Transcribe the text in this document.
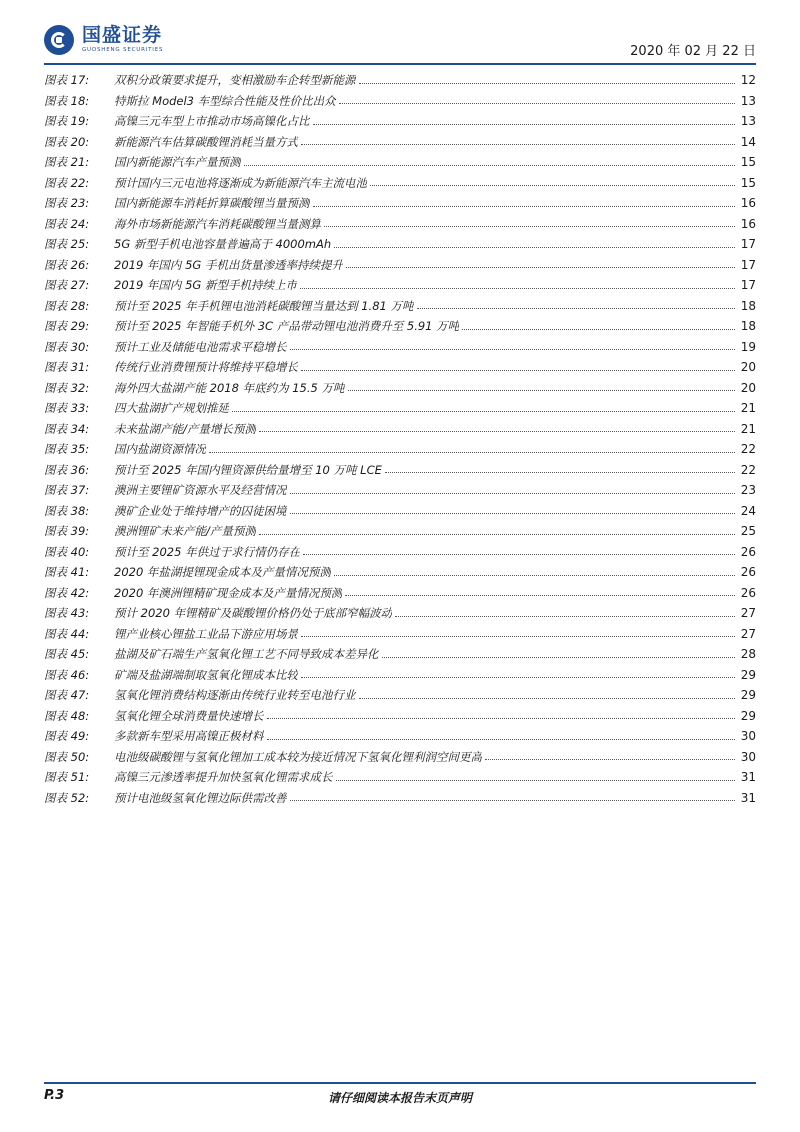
国盛证券
GUOSHENG SECURITIES	2020 年 02 月 22 日
图表 17:	双积分政策要求提升，变相激励车企转型新能源	12
图表 18:	特斯拉 Model3 车型综合性能及性价比出众	13
图表 19:	高镍三元车型上市推动市场高镍化占比	13
图表 20:	新能源汽车估算碳酸锂消耗当量方式	14
图表 21:	国内新能源汽车产量预测	15
图表 22:	预计国内三元电池将逐渐成为新能源汽车主流电池	15
图表 23:	国内新能源车消耗折算碳酸锂当量预测	16
图表 24:	海外市场新能源汽车消耗碳酸锂当量测算	16
图表 25:	5G 新型手机电池容量普遍高于 4000mAh	17
图表 26:	2019 年国内 5G 手机出货量渗透率持续提升	17
图表 27:	2019 年国内 5G 新型手机持续上市	17
图表 28:	预计至 2025 年手机锂电池消耗碳酸锂当量达到 1.81 万吨	18
图表 29:	预计至 2025 年智能手机外 3C 产品带动锂电池消费升至 5.91 万吨	18
图表 30:	预计工业及储能电池需求平稳增长	19
图表 31:	传统行业消费锂预计将维持平稳增长	20
图表 32:	海外四大盐湖产能 2018 年底约为 15.5 万吨	20
图表 33:	四大盐湖扩产规划推延	21
图表 34:	未来盐湖产能/产量增长预测	21
图表 35:	国内盐湖资源情况	22
图表 36:	预计至 2025 年国内锂资源供给量增至 10 万吨 LCE	22
图表 37:	澳洲主要锂矿资源水平及经营情况	23
图表 38:	澳矿企业处于维持增产的囚徒困境	24
图表 39:	澳洲锂矿未来产能/产量预测	25
图表 40:	预计至 2025 年供过于求行情仍存在	26
图表 41:	2020 年盐湖提锂现金成本及产量情况预测	26
图表 42:	2020 年澳洲锂精矿现金成本及产量情况预测	26
图表 43:	预计 2020 年锂精矿及碳酸锂价格仍处于底部窄幅波动	27
图表 44:	锂产业核心锂盐工业品下游应用场景	27
图表 45:	盐湖及矿石端生产氢氧化锂工艺不同导致成本差异化	28
图表 46:	矿端及盐湖端制取氢氧化锂成本比较	29
图表 47:	氢氧化锂消费结构逐渐由传统行业转至电池行业	29
图表 48:	氢氧化锂全球消费量快速增长	29
图表 49:	多款新车型采用高镍正极材料	30
图表 50:	电池级碳酸锂与氢氧化锂加工成本较为接近情况下氢氧化锂利润空间更高	30
图表 51:	高镍三元渗透率提升加快氢氧化锂需求成长	31
图表 52:	预计电池级氢氧化锂边际供需改善	31
P.3	请仔细阅读本报告末页声明
